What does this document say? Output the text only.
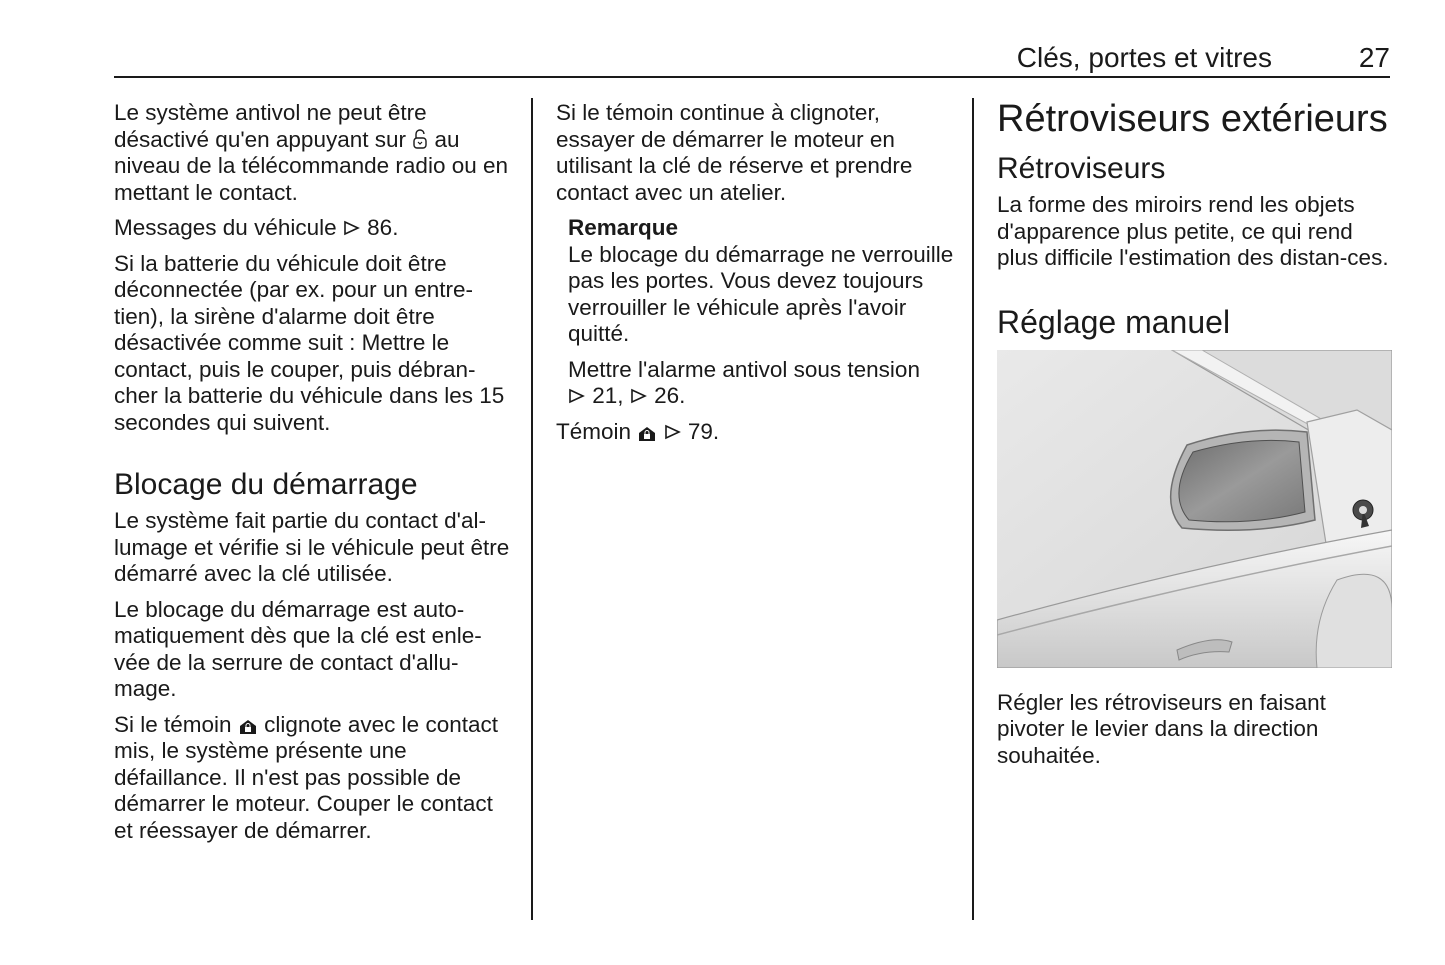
Clés, portes et vitres	27

Le système antivol ne peut être désactivé qu'en appuyant sur au niveau de la télécommande radio ou en mettant le contact.

Messages du véhicule 86.

Si la batterie du véhicule doit être déconnectée (par ex. pour un entre-tien), la sirène d'alarme doit être désactivée comme suit : Mettre le contact, puis le couper, puis débran-cher la batterie du véhicule dans les 15 secondes qui suivent.

Blocage du démarrage

Le système fait partie du contact d'al-lumage et vérifie si le véhicule peut être démarré avec la clé utilisée.

Le blocage du démarrage est auto-matiquement dès que la clé est enle-vée de la serrure de contact d'allu-mage.

Si le témoin clignote avec le contact mis, le système présente une défaillance. Il n'est pas possible de démarrer le moteur. Couper le contact et réessayer de démarrer.

Si le témoin continue à clignoter, essayer de démarrer le moteur en utilisant la clé de réserve et prendre contact avec un atelier.

Remarque

Le blocage du démarrage ne verrouille pas les portes. Vous devez toujours verrouiller le véhicule après l'avoir quitté.

Mettre l'alarme antivol sous tension
21, 26.

Témoin	79.

Rétroviseurs extérieurs
Rétroviseurs

La forme des miroirs rend les objets d'apparence plus petite, ce qui rend plus difficile l'estimation des distan-ces.

Réglage manuel

Régler les rétroviseurs en faisant pivoter le levier dans la direction souhaitée.
